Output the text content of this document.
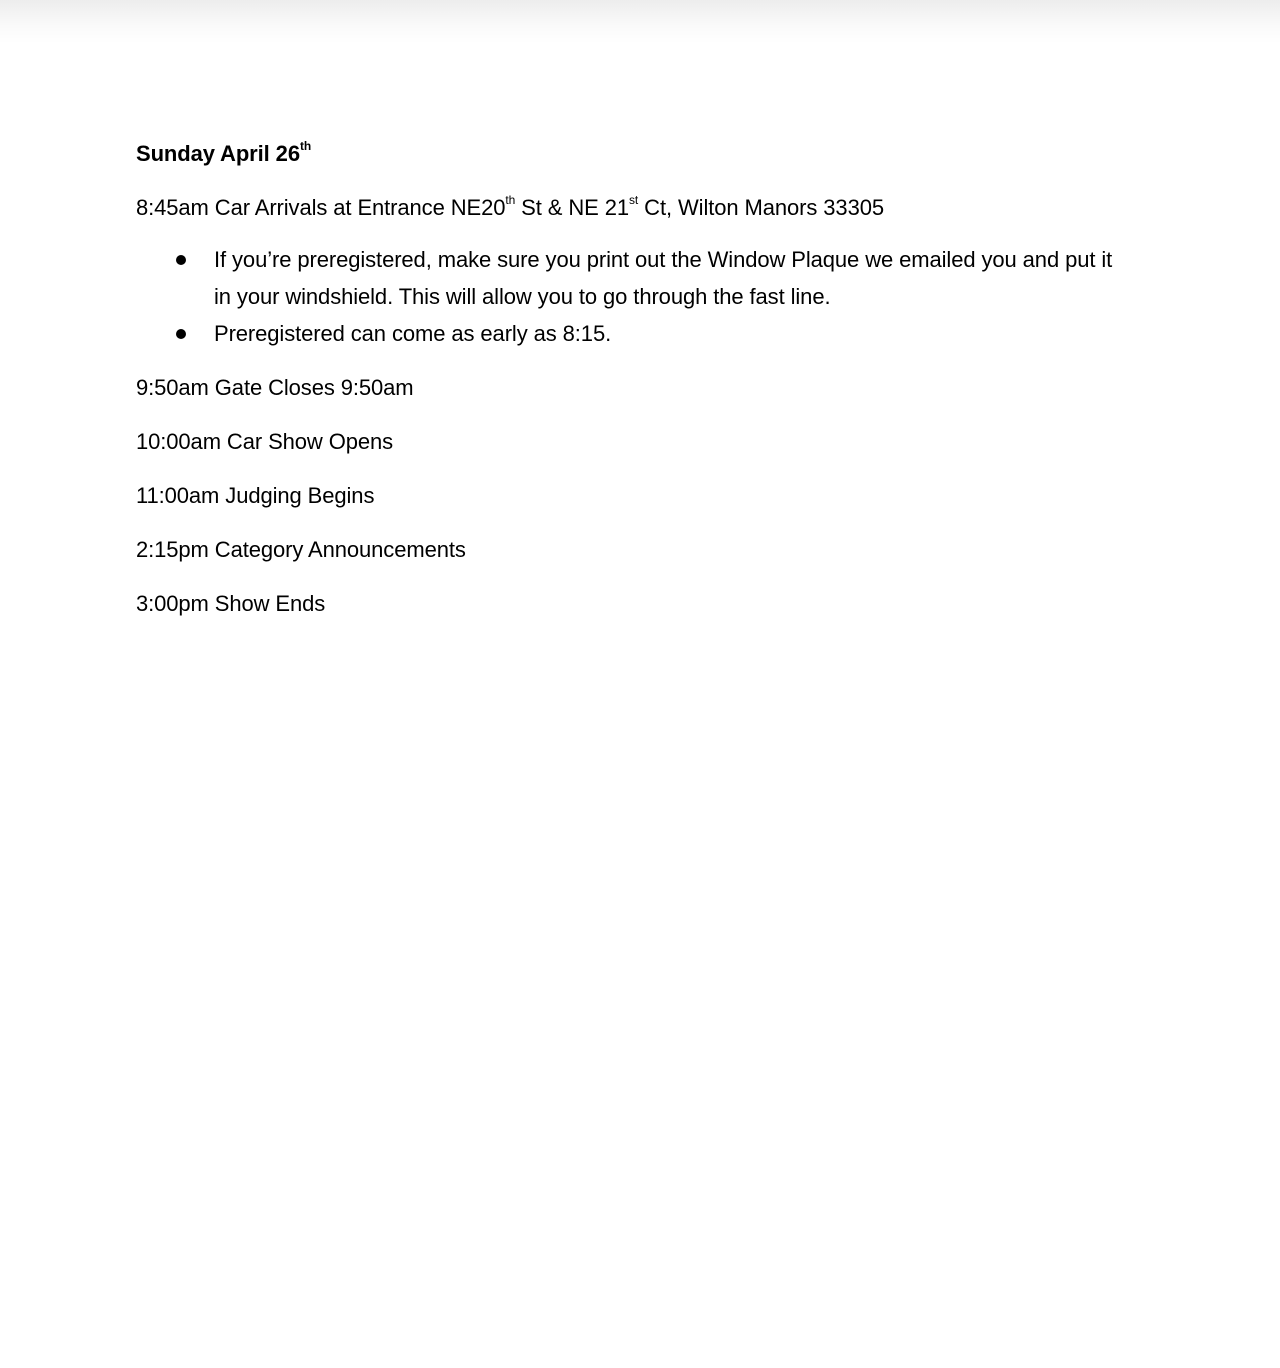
Sunday April 26th

8:45am Car Arrivals at Entrance NE20th St & NE 21st Ct, Wilton Manors 33305

If you’re preregistered, make sure you print out the Window Plaque we emailed you and put it in your windshield. This will allow you to go through the fast line.
Preregistered can come as early as 8:15.

9:50am Gate Closes 9:50am

10:00am Car Show Opens

11:00am Judging Begins

2:15pm Category Announcements

3:00pm Show Ends
